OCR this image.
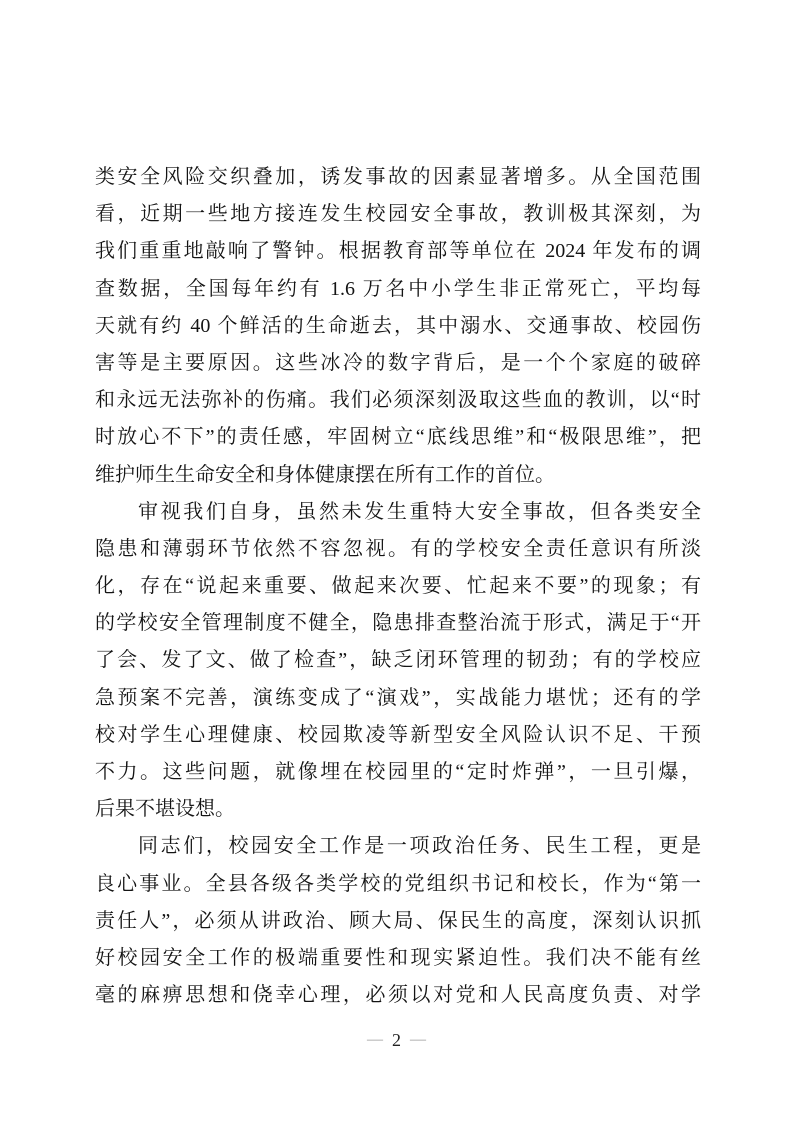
类安全风险交织叠加，诱发事故的因素显著增多。从全国范围
看，近期一些地方接连发生校园安全事故，教训极其深刻，为
我们重重地敲响了警钟。根据教育部等单位在 2024 年发布的调
查数据，全国每年约有 1.6 万名中小学生非正常死亡，平均每
天就有约 40 个鲜活的生命逝去，其中溺水、交通事故、校园伤
害等是主要原因。这些冰冷的数字背后，是一个个家庭的破碎
和永远无法弥补的伤痛。我们必须深刻汲取这些血的教训，以“时
时放心不下”的责任感，牢固树立“底线思维”和“极限思维”，把
维护师生生命安全和身体健康摆在所有工作的首位。
审视我们自身，虽然未发生重特大安全事故，但各类安全
隐患和薄弱环节依然不容忽视。有的学校安全责任意识有所淡
化，存在“说起来重要、做起来次要、忙起来不要”的现象；有
的学校安全管理制度不健全，隐患排查整治流于形式，满足于“开
了会、发了文、做了检查”，缺乏闭环管理的韧劲；有的学校应
急预案不完善，演练变成了“演戏”，实战能力堪忧；还有的学
校对学生心理健康、校园欺凌等新型安全风险认识不足、干预
不力。这些问题，就像埋在校园里的“定时炸弹”，一旦引爆，
后果不堪设想。
同志们，校园安全工作是一项政治任务、民生工程，更是
良心事业。全县各级各类学校的党组织书记和校长，作为“第一
责任人”，必须从讲政治、顾大局、保民生的高度，深刻认识抓
好校园安全工作的极端重要性和现实紧迫性。我们决不能有丝
毫的麻痹思想和侥幸心理，必须以对党和人民高度负责、对学
— 2 —
